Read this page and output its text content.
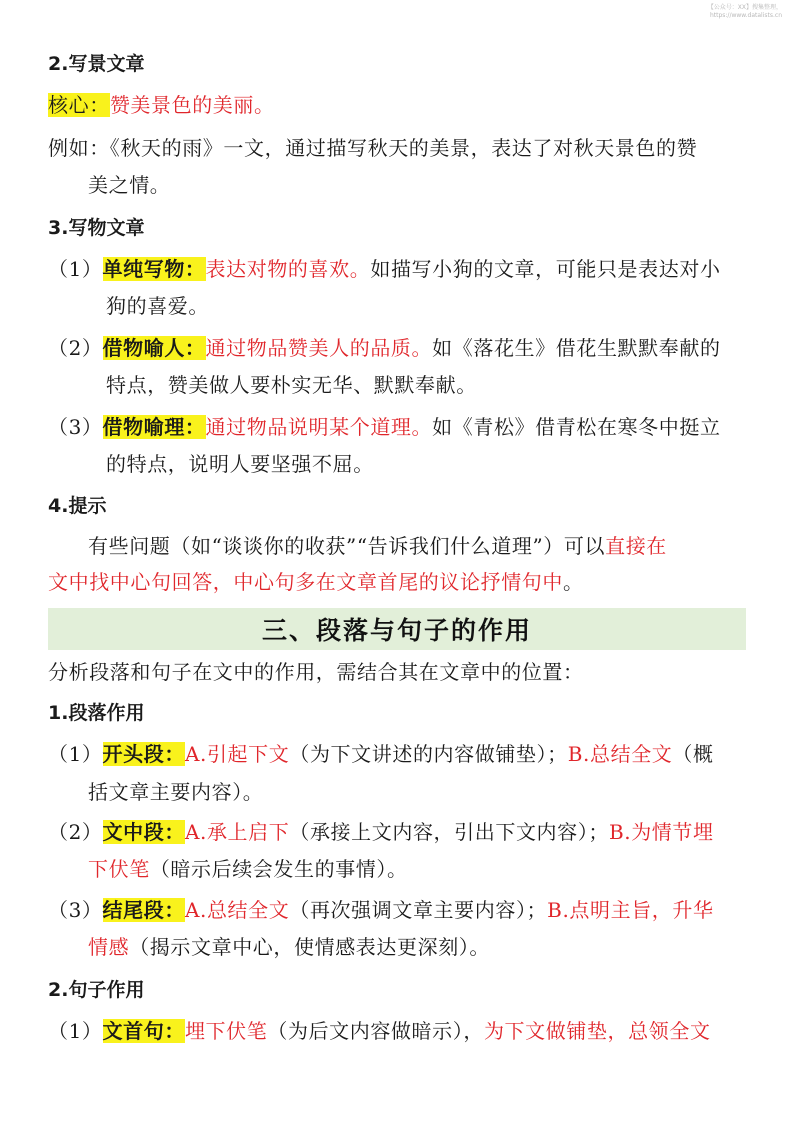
【公众号：XX】搜集整理，
https://www.datalists.cn
2.写景文章
核心：赞美景色的美丽。
例如：《秋天的雨》一文，通过描写秋天的美景，表达了对秋天景色的赞
美之情。
3.写物文章
（1）单纯写物：表达对物的喜欢。如描写小狗的文章，可能只是表达对小
狗的喜爱。
（2）借物喻人：通过物品赞美人的品质。如《落花生》借花生默默奉献的
特点，赞美做人要朴实无华、默默奉献。
（3）借物喻理：通过物品说明某个道理。如《青松》借青松在寒冬中挺立
的特点，说明人要坚强不屈。
4.提示
有些问题（如“谈谈你的收获”“告诉我们什么道理”）可以直接在
文中找中心句回答，中心句多在文章首尾的议论抒情句中。
三、段落与句子的作用
分析段落和句子在文中的作用，需结合其在文章中的位置：
1.段落作用
（1）开头段：A.引起下文（为下文讲述的内容做铺垫）；B.总结全文（概
括文章主要内容）。
（2）文中段：A.承上启下（承接上文内容，引出下文内容）；B.为情节埋
下伏笔（暗示后续会发生的事情）。
（3）结尾段：A.总结全文（再次强调文章主要内容）；B.点明主旨，升华
情感（揭示文章中心，使情感表达更深刻）。
2.句子作用
（1）文首句：埋下伏笔（为后文内容做暗示），为下文做铺垫，总领全文
